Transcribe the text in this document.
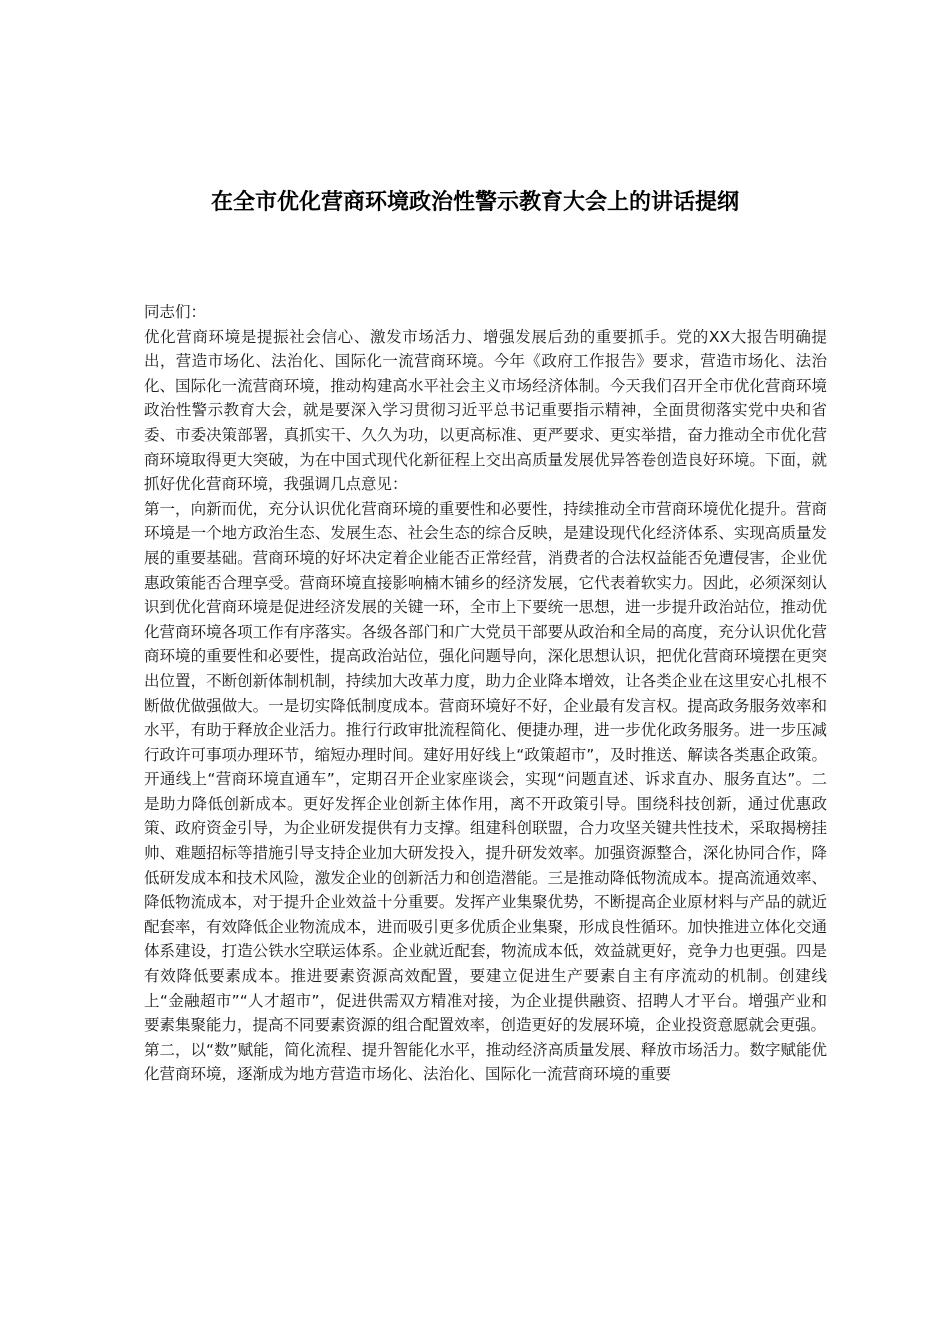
在全市优化营商环境政治性警示教育大会上的讲话提纲

同志们：

优化营商环境是提振社会信心、激发市场活力、增强发展后劲的重要抓手。党的XX大报告明确提出，营造市场化、法治化、国际化一流营商环境。今年《政府工作报告》要求，营造市场化、法治化、国际化一流营商环境，推动构建高水平社会主义市场经济体制。今天我们召开全市优化营商环境政治性警示教育大会，就是要深入学习贯彻习近平总书记重要指示精神，全面贯彻落实党中央和省委、市委决策部署，真抓实干、久久为功，以更高标准、更严要求、更实举措，奋力推动全市优化营商环境取得更大突破，为在中国式现代化新征程上交出高质量发展优异答卷创造良好环境。下面，就抓好优化营商环境，我强调几点意见：

第一，向新而优，充分认识优化营商环境的重要性和必要性，持续推动全市营商环境优化提升。营商环境是一个地方政治生态、发展生态、社会生态的综合反映，是建设现代化经济体系、实现高质量发展的重要基础。营商环境的好坏决定着企业能否正常经营，消费者的合法权益能否免遭侵害，企业优惠政策能否合理享受。营商环境直接影响楠木铺乡的经济发展，它代表着软实力。因此，必须深刻认识到优化营商环境是促进经济发展的关键一环，全市上下要统一思想，进一步提升政治站位，推动优化营商环境各项工作有序落实。各级各部门和广大党员干部要从政治和全局的高度，充分认识优化营商环境的重要性和必要性，提高政治站位，强化问题导向，深化思想认识，把优化营商环境摆在更突出位置，不断创新体制机制，持续加大改革力度，助力企业降本增效，让各类企业在这里安心扎根不断做优做强做大。一是切实降低制度成本。营商环境好不好，企业最有发言权。提高政务服务效率和水平，有助于释放企业活力。推行行政审批流程简化、便捷办理，进一步优化政务服务。进一步压减行政许可事项办理环节，缩短办理时间。建好用好线上“政策超市”，及时推送、解读各类惠企政策。开通线上“营商环境直通车”，定期召开企业家座谈会，实现“问题直述、诉求直办、服务直达”。二是助力降低创新成本。更好发挥企业创新主体作用，离不开政策引导。围绕科技创新，通过优惠政策、政府资金引导，为企业研发提供有力支撑。组建科创联盟，合力攻坚关键共性技术，采取揭榜挂帅、难题招标等措施引导支持企业加大研发投入，提升研发效率。加强资源整合，深化协同合作，降低研发成本和技术风险，激发企业的创新活力和创造潜能。三是推动降低物流成本。提高流通效率、降低物流成本，对于提升企业效益十分重要。发挥产业集聚优势，不断提高企业原材料与产品的就近配套率，有效降低企业物流成本，进而吸引更多优质企业集聚，形成良性循环。加快推进立体化交通体系建设，打造公铁水空联运体系。企业就近配套，物流成本低，效益就更好，竞争力也更强。四是有效降低要素成本。推进要素资源高效配置，要建立促进生产要素自主有序流动的机制。创建线上“金融超市”“人才超市”，促进供需双方精准对接，为企业提供融资、招聘人才平台。增强产业和要素集聚能力，提高不同要素资源的组合配置效率，创造更好的发展环境，企业投资意愿就会更强。

第二，以“数”赋能，简化流程、提升智能化水平，推动经济高质量发展、释放市场活力。数字赋能优化营商环境，逐渐成为地方营造市场化、法治化、国际化一流营商环境的重要
